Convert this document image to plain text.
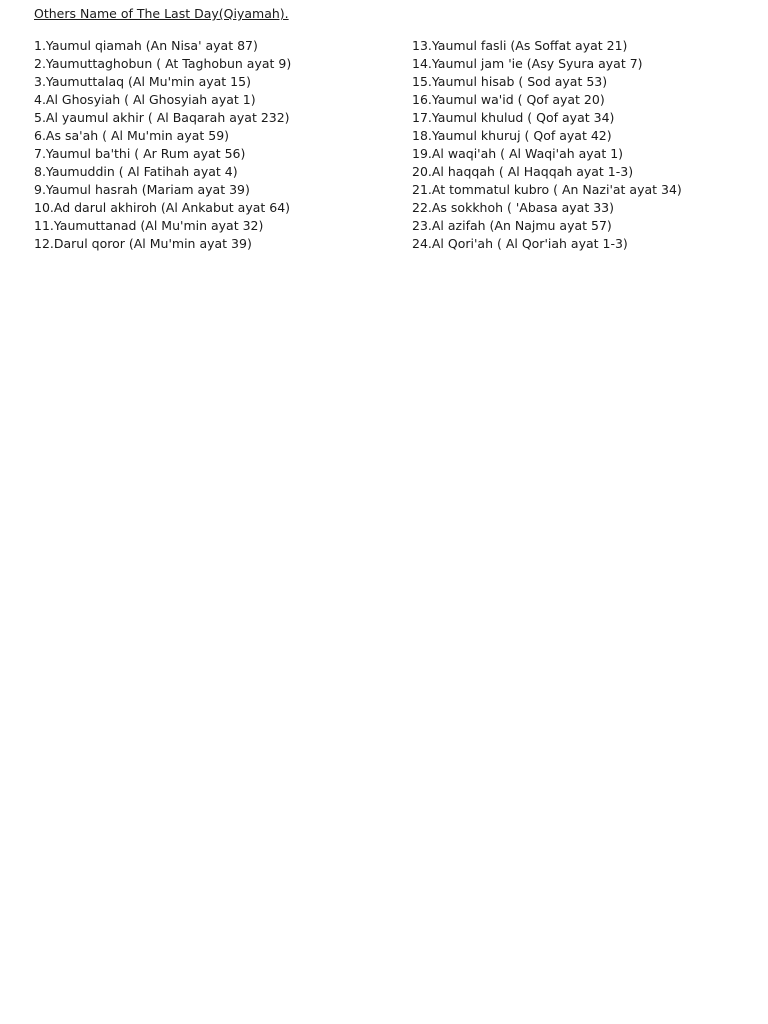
Others Name of The Last Day(Qiyamah).
1.Yaumul qiamah (An Nisa' ayat 87)
2.Yaumuttaghobun ( At Taghobun ayat 9)
3.Yaumuttalaq (Al Mu'min ayat 15)
4.Al Ghosyiah ( Al Ghosyiah ayat 1)
5.Al yaumul akhir ( Al Baqarah ayat 232)
6.As sa'ah ( Al Mu'min ayat 59)
7.Yaumul ba'thi ( Ar Rum ayat 56)
8.Yaumuddin ( Al Fatihah ayat 4)
9.Yaumul hasrah (Mariam ayat 39)
10.Ad darul akhiroh (Al Ankabut ayat 64)
11.Yaumuttanad (Al Mu'min ayat 32)
12.Darul qoror (Al Mu'min ayat 39)
13.Yaumul fasli (As Soffat ayat 21)
14.Yaumul jam 'ie (Asy Syura ayat 7)
15.Yaumul hisab ( Sod ayat 53)
16.Yaumul wa'id ( Qof ayat 20)
17.Yaumul khulud ( Qof ayat 34)
18.Yaumul khuruj ( Qof ayat 42)
19.Al waqi'ah ( Al Waqi'ah ayat 1)
20.Al haqqah ( Al Haqqah ayat 1-3)
21.At tommatul kubro ( An Nazi'at ayat 34)
22.As sokkhoh ( 'Abasa ayat 33)
23.Al azifah (An Najmu ayat 57)
24.Al Qori'ah ( Al Qor'iah ayat 1-3)
